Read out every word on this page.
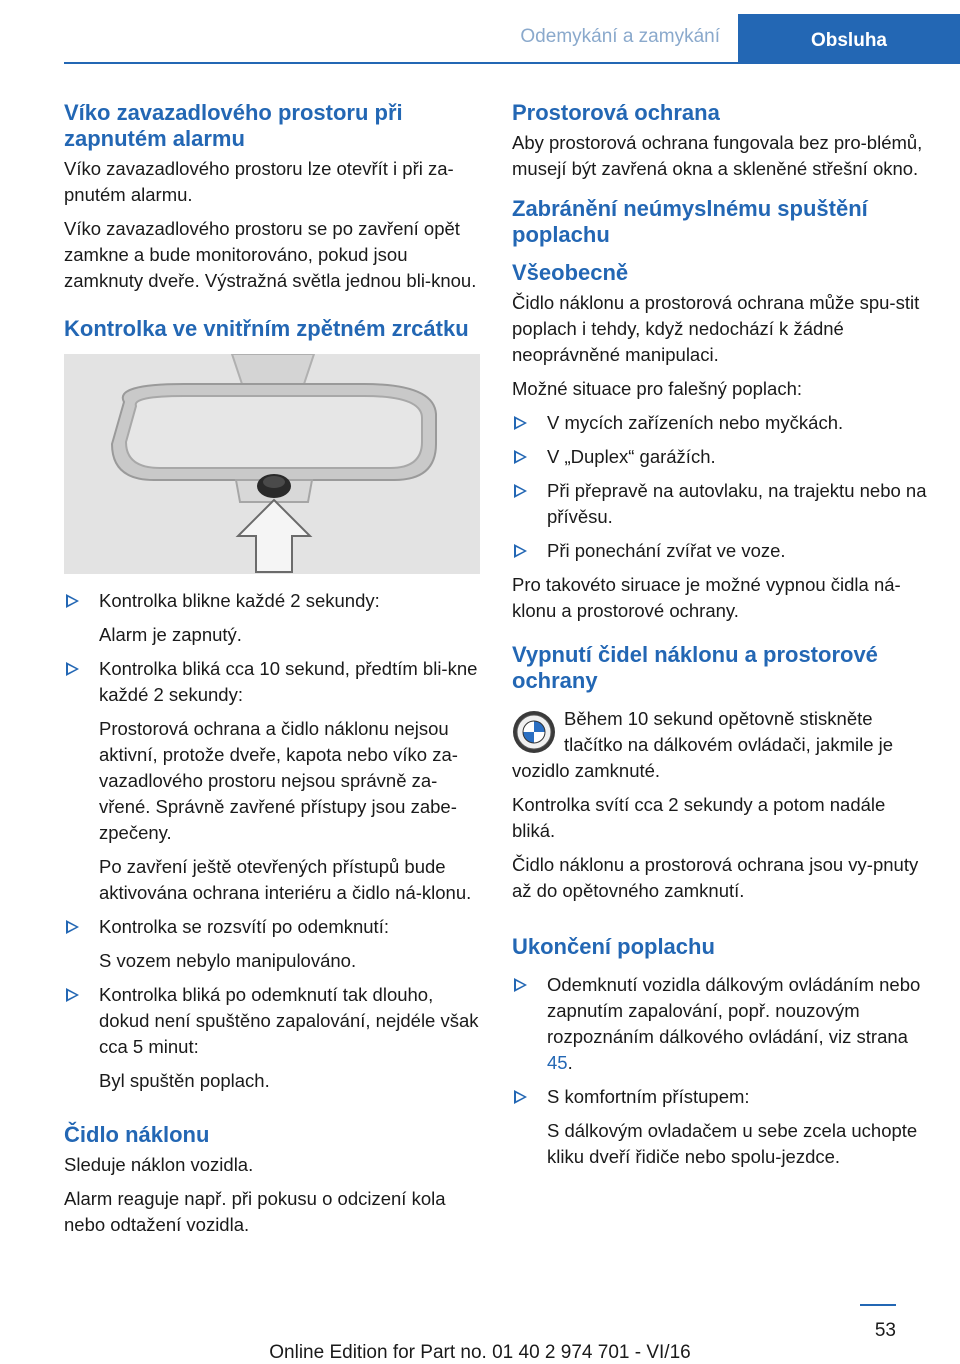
Odemykání a zamykání	Obsluha
Víko zavazadlového prostoru při zapnutém alarmu

Víko zavazadlového prostoru lze otevřít i při za-pnutém alarmu.

Víko zavazadlového prostoru se po zavření opět zamkne a bude monitorováno, pokud jsou zamknuty dveře. Výstražná světla jednou bli-knou.

Kontrolka ve vnitřním zpětném zrcátku

Kontrolka blikne každé 2 sekundy:

Alarm je zapnutý.

Kontrolka bliká cca 10 sekund, předtím bli-kne každé 2 sekundy:

Prostorová ochrana a čidlo náklonu nejsou aktivní, protože dveře, kapota nebo víko za-vazadlového prostoru nejsou správně za-vřené. Správně zavřené přístupy jsou zabe-zpečeny.

Po zavření ještě otevřených přístupů bude aktivována ochrana interiéru a čidlo ná-klonu.

Kontrolka se rozsvítí po odemknutí:

S vozem nebylo manipulováno.

Kontrolka bliká po odemknutí tak dlouho, dokud není spuštěno zapalování, nejdéle však cca 5 minut:

Byl spuštěn poplach.

Čidlo náklonu

Sleduje náklon vozidla.

Alarm reaguje např. při pokusu o odcizení kola nebo odtažení vozidla.

Prostorová ochrana

Aby prostorová ochrana fungovala bez pro-blémů, musejí být zavřená okna a skleněné střešní okno.

Zabránění neúmyslnému spuštění poplachu
Všeobecně

Čidlo náklonu a prostorová ochrana může spu-stit poplach i tehdy, když nedochází k žádné neoprávněné manipulaci.

Možné situace pro falešný poplach:

V mycích zařízeních nebo myčkách.

V „Duplex“ garážích.

Při přepravě na autovlaku, na trajektu nebo na přívěsu.

Při ponechání zvířat ve voze.

Pro takovéto siruace je možné vypnou čidla ná-klonu a prostorové ochrany.

Vypnutí čidel náklonu a prostorové ochrany

Během 10 sekund opětovně stiskněte tlačítko na dálkovém ovládači, jakmile je vozidlo zamknuté.

Kontrolka svítí cca 2 sekundy a potom nadále bliká.

Čidlo náklonu a prostorová ochrana jsou vy-pnuty až do opětovného zamknutí.

Ukončení poplachu

Odemknutí vozidla dálkovým ovládáním nebo zapnutím zapalování, popř. nouzovým rozpoznáním dálkového ovládání, viz strana 45.

S komfortním přístupem:

S dálkovým ovladačem u sebe zcela uchopte kliku dveří řidiče nebo spolu-jezdce.

53
Online Edition for Part no. 01 40 2 974 701 - VI/16
